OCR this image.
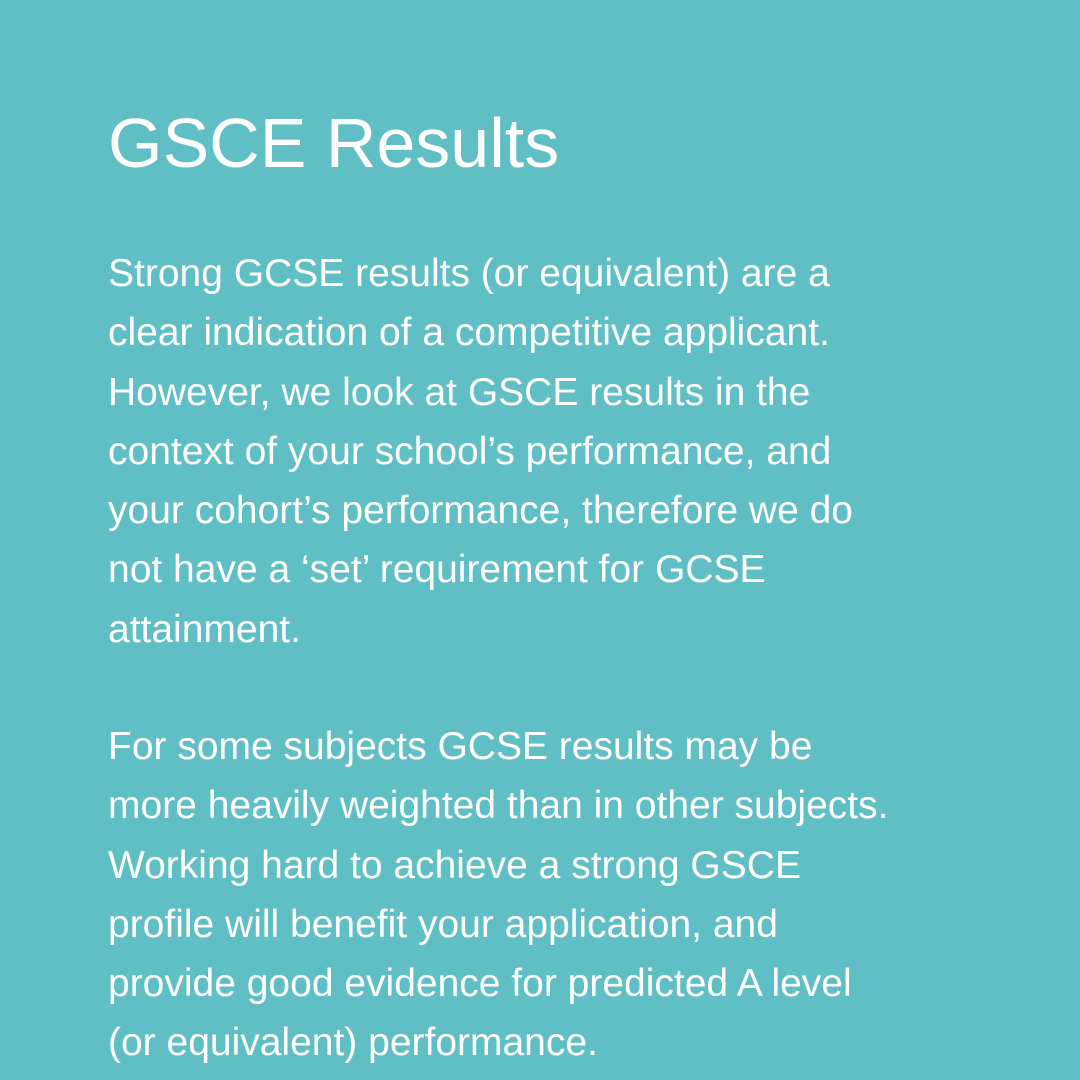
GSCE Results

Strong GCSE results (or equivalent) are a
clear indication of a competitive applicant.
However, we look at GSCE results in the
context of your school’s performance, and
your cohort’s performance, therefore we do
not have a ‘set’ requirement for GCSE
attainment.

For some subjects GCSE results may be
more heavily weighted than in other subjects.
Working hard to achieve a strong GSCE
profile will benefit your application, and
provide good evidence for predicted A level
(or equivalent) performance.
